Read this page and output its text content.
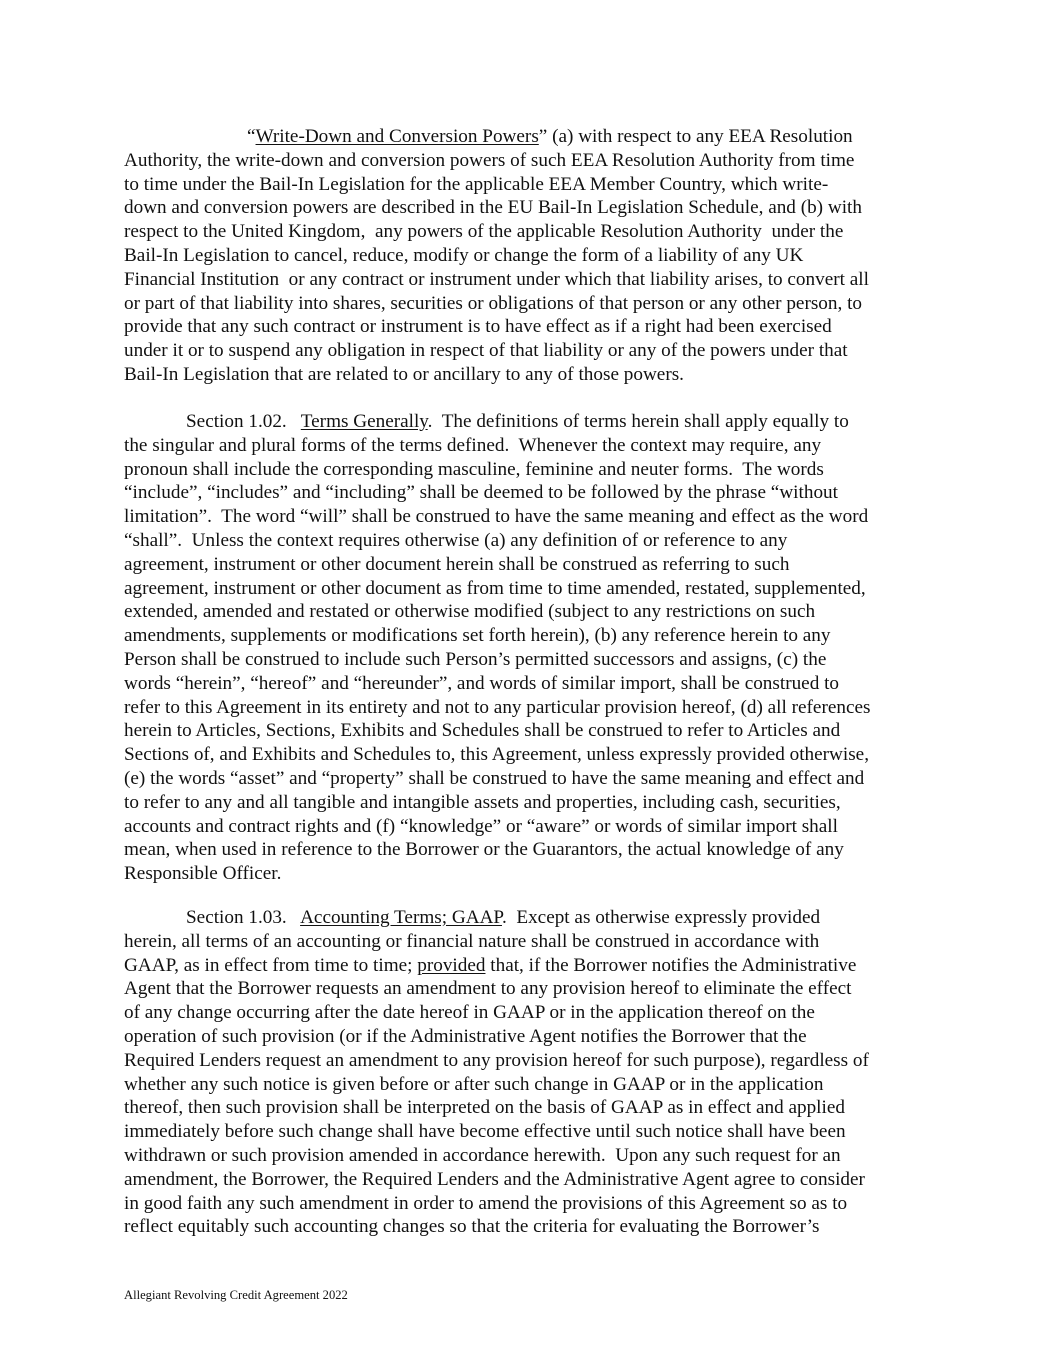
“Write-Down and Conversion Powers” (a) with respect to any EEA Resolution
Authority, the write-down and conversion powers of such EEA Resolution Authority from time
to time under the Bail-In Legislation for the applicable EEA Member Country, which write-
down and conversion powers are described in the EU Bail-In Legislation Schedule, and (b) with
respect to the United Kingdom,  any powers of the applicable Resolution Authority  under the
Bail-In Legislation to cancel, reduce, modify or change the form of a liability of any UK
Financial Institution  or any contract or instrument under which that liability arises, to convert all
or part of that liability into shares, securities or obligations of that person or any other person, to
provide that any such contract or instrument is to have effect as if a right had been exercised
under it or to suspend any obligation in respect of that liability or any of the powers under that
Bail-In Legislation that are related to or ancillary to any of those powers.
Section 1.02. Terms Generally.  The definitions of terms herein shall apply equally to
the singular and plural forms of the terms defined.  Whenever the context may require, any
pronoun shall include the corresponding masculine, feminine and neuter forms.  The words
“include”, “includes” and “including” shall be deemed to be followed by the phrase “without
limitation”.  The word “will” shall be construed to have the same meaning and effect as the word
“shall”.  Unless the context requires otherwise (a) any definition of or reference to any
agreement, instrument or other document herein shall be construed as referring to such
agreement, instrument or other document as from time to time amended, restated, supplemented,
extended, amended and restated or otherwise modified (subject to any restrictions on such
amendments, supplements or modifications set forth herein), (b) any reference herein to any
Person shall be construed to include such Person’s permitted successors and assigns, (c) the
words “herein”, “hereof” and “hereunder”, and words of similar import, shall be construed to
refer to this Agreement in its entirety and not to any particular provision hereof, (d) all references
herein to Articles, Sections, Exhibits and Schedules shall be construed to refer to Articles and
Sections of, and Exhibits and Schedules to, this Agreement, unless expressly provided otherwise,
(e) the words “asset” and “property” shall be construed to have the same meaning and effect and
to refer to any and all tangible and intangible assets and properties, including cash, securities,
accounts and contract rights and (f) “knowledge” or “aware” or words of similar import shall
mean, when used in reference to the Borrower or the Guarantors, the actual knowledge of any
Responsible Officer.
Section 1.03. Accounting Terms; GAAP.  Except as otherwise expressly provided
herein, all terms of an accounting or financial nature shall be construed in accordance with
GAAP, as in effect from time to time; provided that, if the Borrower notifies the Administrative
Agent that the Borrower requests an amendment to any provision hereof to eliminate the effect
of any change occurring after the date hereof in GAAP or in the application thereof on the
operation of such provision (or if the Administrative Agent notifies the Borrower that the
Required Lenders request an amendment to any provision hereof for such purpose), regardless of
whether any such notice is given before or after such change in GAAP or in the application
thereof, then such provision shall be interpreted on the basis of GAAP as in effect and applied
immediately before such change shall have become effective until such notice shall have been
withdrawn or such provision amended in accordance herewith.  Upon any such request for an
amendment, the Borrower, the Required Lenders and the Administrative Agent agree to consider
in good faith any such amendment in order to amend the provisions of this Agreement so as to
reflect equitably such accounting changes so that the criteria for evaluating the Borrower’s
Allegiant Revolving Credit Agreement 2022
